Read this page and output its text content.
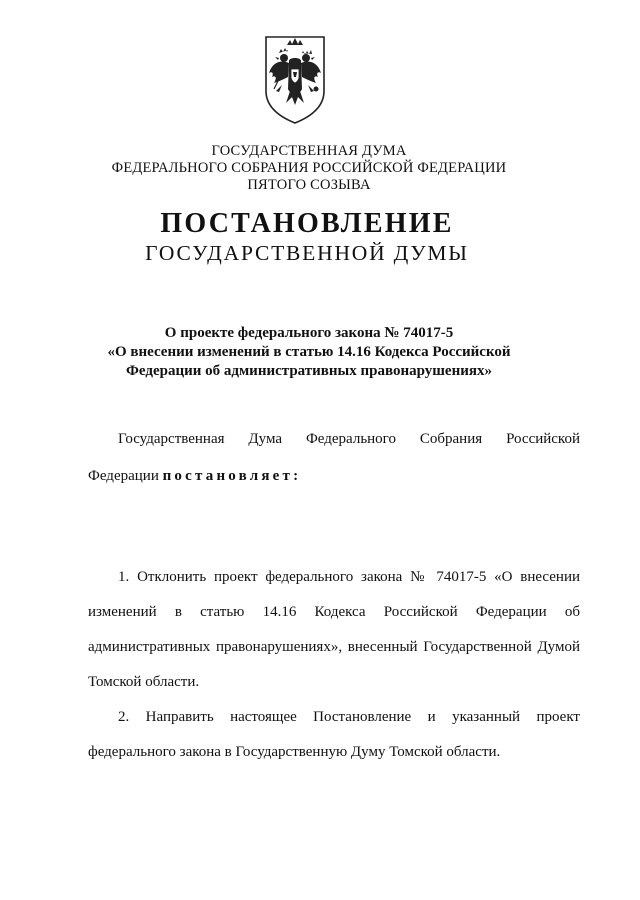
ГОСУДАРСТВЕННАЯ ДУМА
ФЕДЕРАЛЬНОГО СОБРАНИЯ РОССИЙСКОЙ ФЕДЕРАЦИИ
ПЯТОГО СОЗЫВА
ПОСТАНОВЛЕНИЕ
ГОСУДАРСТВЕННОЙ ДУМЫ
О проекте федерального закона № 74017-5
«О внесении изменений в статью 14.16 Кодекса Российской
Федерации об административных правонарушениях»
Государственная Дума Федерального Собрания Российской
Федерации постановляет:
1. Отклонить проект федерального закона № 74017-5 «О внесении
изменений в статью 14.16 Кодекса Российской Федерации об
административных правонарушениях», внесенный Государственной Думой
Томской области.
2. Направить настоящее Постановление и указанный проект
федерального закона в Государственную Думу Томской области.
